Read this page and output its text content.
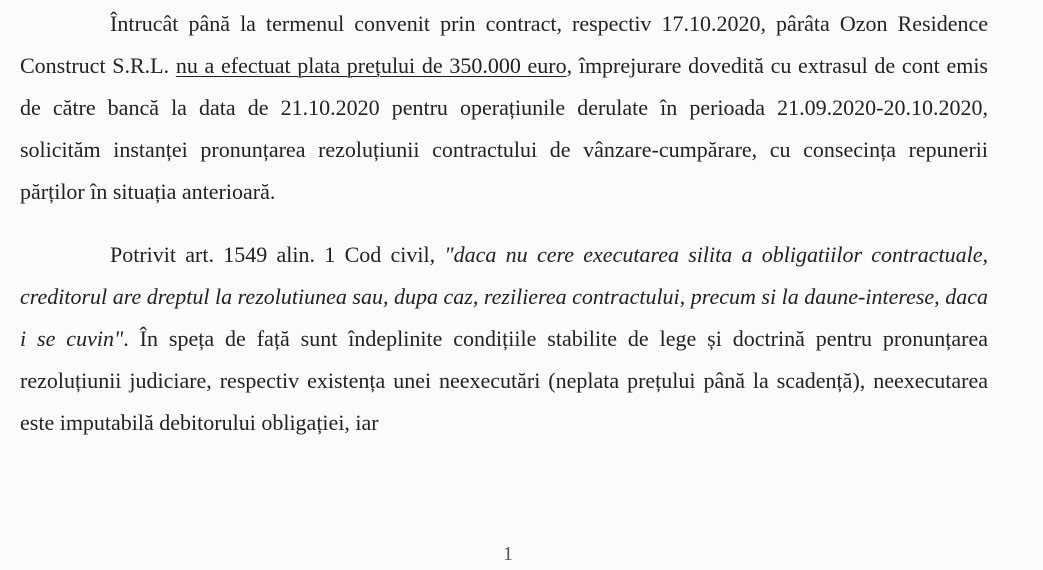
Întrucât până la termenul convenit prin contract, respectiv 17.10.2020, pârâta Ozon Residence Construct S.R.L. nu a efectuat plata prețului de 350.000 euro, împrejurare dovedită cu extrasul de cont emis de către bancă la data de 21.10.2020 pentru operațiunile derulate în perioada 21.09.2020-20.10.2020, solicităm instanței pronunțarea rezoluțiunii contractului de vânzare-cumpărare, cu consecința repunerii părților în situația anterioară.

Potrivit art. 1549 alin. 1 Cod civil, "daca nu cere executarea silita a obligatiilor contractuale, creditorul are dreptul la rezolutiunea sau, dupa caz, rezilierea contractului, precum si la daune-interese, daca i se cuvin". În speța de față sunt îndeplinite condițiile stabilite de lege și doctrină pentru pronunțarea rezoluțiunii judiciare, respectiv existența unei neexecutări (neplata prețului până la scadență), neexecutarea este imputabilă debitorului obligației, iar

1
